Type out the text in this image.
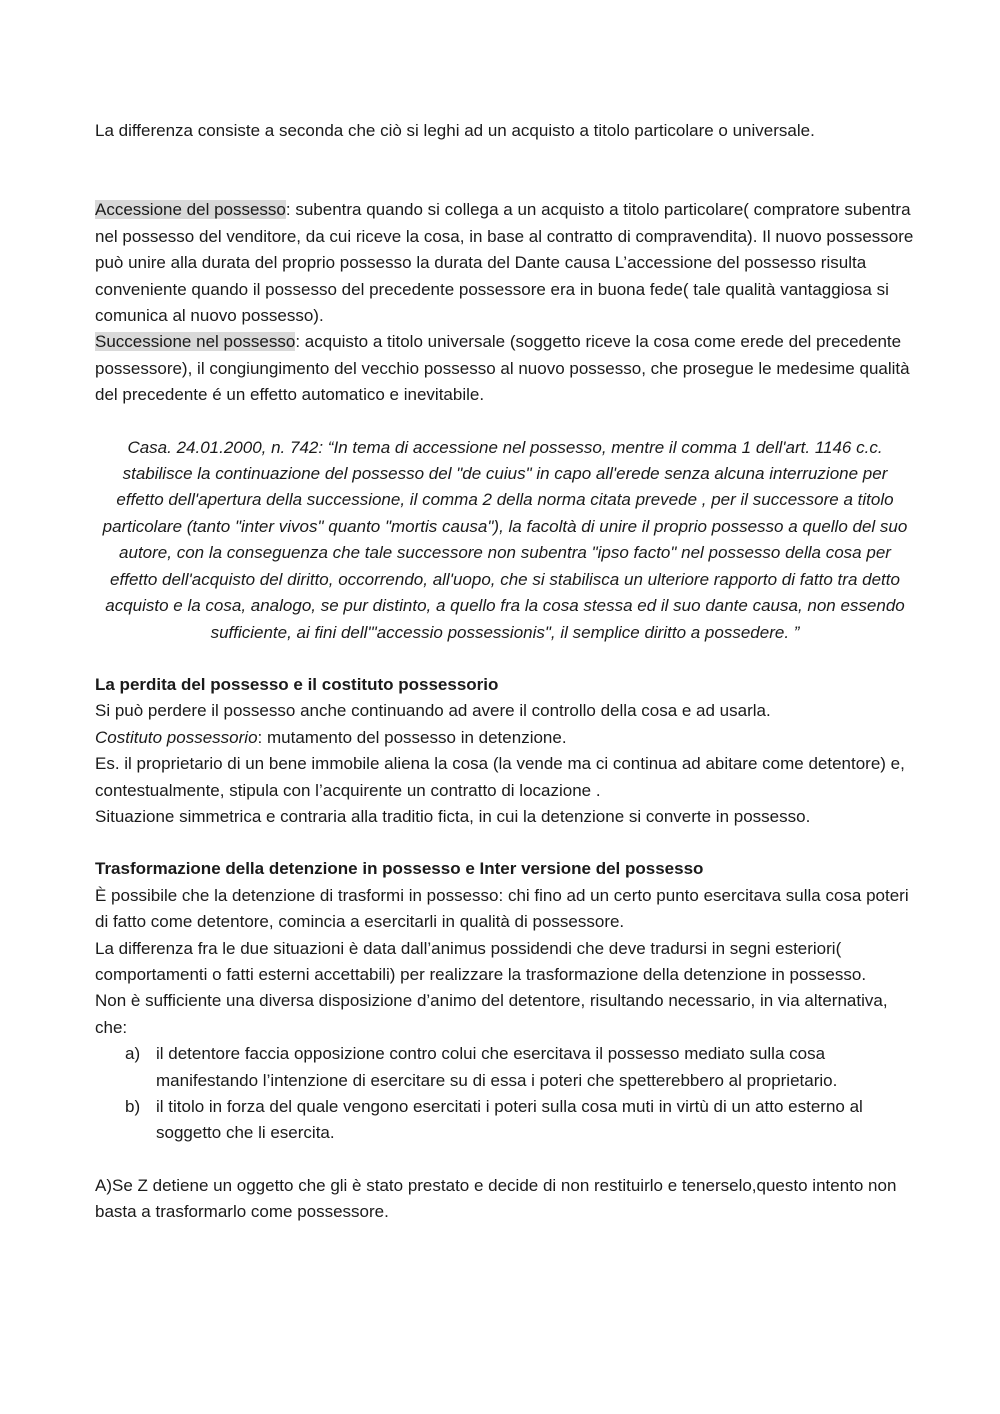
La differenza consiste a seconda che ciò si leghi ad un acquisto a titolo particolare o universale.

Accessione del possesso: subentra quando si collega a un acquisto a titolo particolare( compratore subentra nel possesso del venditore, da cui riceve la cosa, in base al contratto di compravendita). Il nuovo possessore può unire alla durata del proprio possesso la durata del Dante causa L’accessione del possesso risulta conveniente quando il possesso del precedente possessore era in buona fede( tale qualità vantaggiosa si comunica al nuovo possesso).

Successione nel possesso: acquisto a titolo universale (soggetto riceve la cosa come erede del precedente possessore), il congiungimento del vecchio possesso al nuovo possesso, che prosegue le medesime qualità del precedente é un effetto automatico e inevitabile.

Casa. 24.01.2000, n. 742: “In tema di accessione nel possesso, mentre il comma 1 dell'art. 1146 c.c. stabilisce la continuazione del possesso del "de cuius" in capo all'erede senza alcuna interruzione per effetto dell'apertura della successione, il comma 2 della norma citata prevede , per il successore a titolo particolare (tanto "inter vivos" quanto "mortis causa"), la facoltà di unire il proprio possesso a quello del suo autore, con la conseguenza che tale successore non subentra "ipso facto" nel possesso della cosa per effetto dell'acquisto del diritto, occorrendo, all'uopo, che si stabilisca un ulteriore rapporto di fatto tra detto acquisto e la cosa, analogo, se pur distinto, a quello fra la cosa stessa ed il suo dante causa, non essendo sufficiente, ai fini dell'"accessio possessionis", il semplice diritto a possedere. ”

La perdita del possesso e il costituto possessorio

Si può perdere il possesso anche continuando ad avere il controllo della cosa e ad usarla.

Costituto possessorio: mutamento del possesso in detenzione.

Es. il proprietario di un bene immobile aliena la cosa (la vende ma ci continua ad abitare come detentore) e, contestualmente, stipula con l’acquirente un contratto di locazione .

Situazione simmetrica e contraria alla traditio ficta, in cui la detenzione si converte in possesso.

Trasformazione della detenzione in possesso e Inter versione del possesso

È possibile che la detenzione di trasformi in possesso: chi fino ad un certo punto esercitava sulla cosa poteri di fatto come detentore, comincia a esercitarli in qualità di possessore.

La differenza fra le due situazioni è data dall’animus possidendi che deve tradursi in segni esteriori( comportamenti o fatti esterni accettabili) per realizzare la trasformazione della detenzione in possesso.

Non è sufficiente una diversa disposizione d’animo del detentore, risultando necessario, in via alternativa, che:

a) il detentore faccia opposizione contro colui che esercitava il possesso mediato sulla cosa manifestando l’intenzione di esercitare su di essa i poteri che spetterebbero al proprietario.
b) il titolo in forza del quale vengono esercitati i poteri sulla cosa muti in virtù di un atto esterno al soggetto che li esercita.

A)Se Z detiene un oggetto che gli è stato prestato e decide di non restituirlo e tenerselo,questo intento non basta a trasformarlo come possessore.
